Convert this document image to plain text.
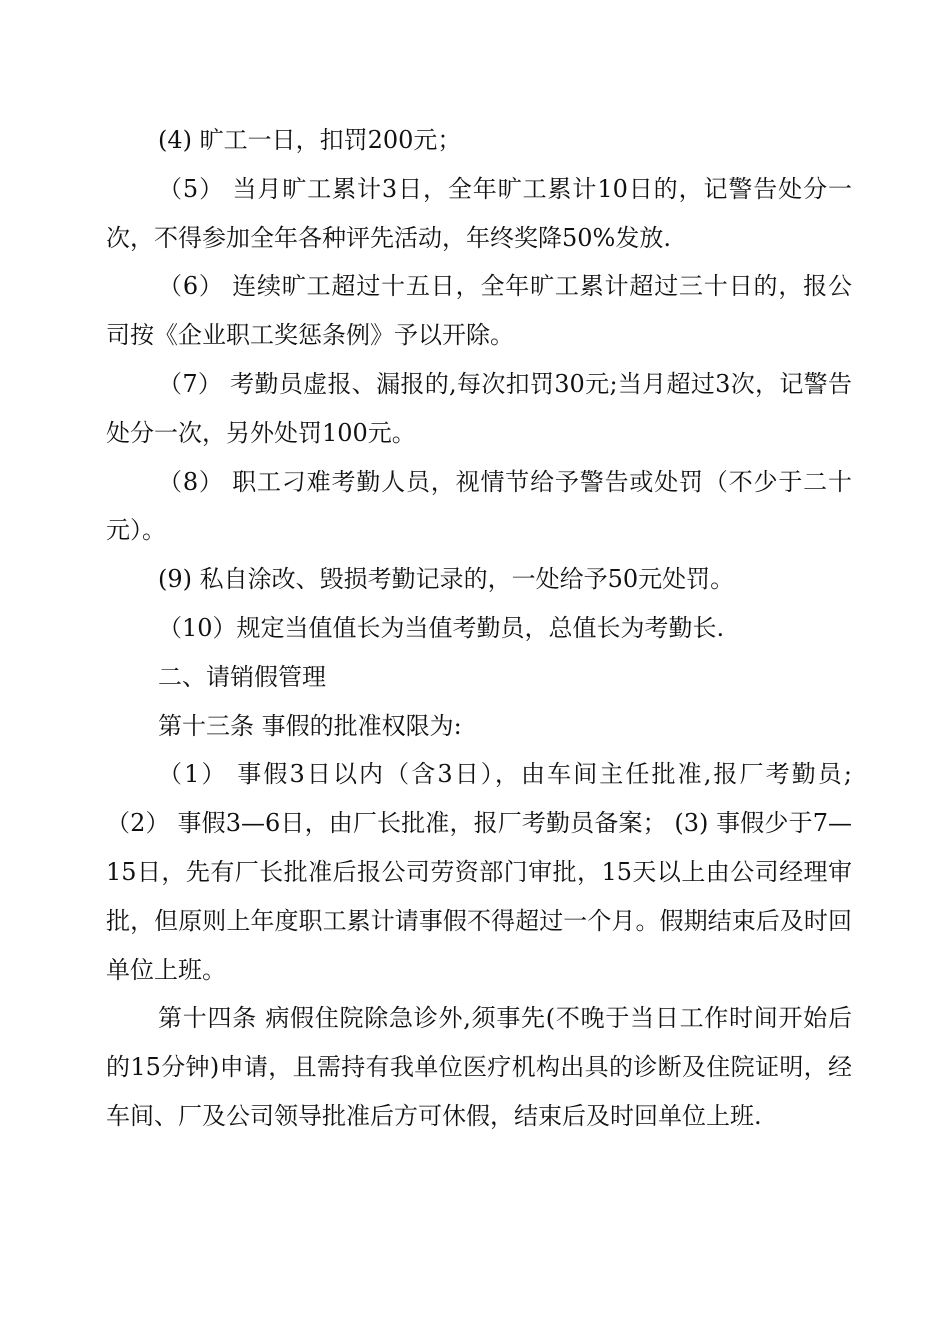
(4) 旷工一日，扣罚200元；

（5） 当月旷工累计3日，全年旷工累计10日的，记警告处分一次，不得参加全年各种评先活动，年终奖降50%发放.

（6） 连续旷工超过十五日，全年旷工累计超过三十日的，报公司按《企业职工奖惩条例》予以开除。

（7） 考勤员虚报、漏报的,每次扣罚30元;当月超过3次，记警告处分一次，另外处罚100元。

（8） 职工刁难考勤人员，视情节给予警告或处罚（不少于二十元）。

(9) 私自涂改、毁损考勤记录的，一处给予50元处罚。

（10）规定当值值长为当值考勤员，总值长为考勤长.

二、请销假管理

第十三条 事假的批准权限为:

（1） 事假3日以内（含3日），由车间主任批准,报厂考勤员;（2） 事假3—6日，由厂长批准，报厂考勤员备案； (3) 事假少于7—15日，先有厂长批准后报公司劳资部门审批，15天以上由公司经理审批，但原则上年度职工累计请事假不得超过一个月。假期结束后及时回单位上班。

第十四条 病假住院除急诊外,须事先(不晚于当日工作时间开始后的15分钟)申请，且需持有我单位医疗机构出具的诊断及住院证明，经车间、厂及公司领导批准后方可休假，结束后及时回单位上班.
